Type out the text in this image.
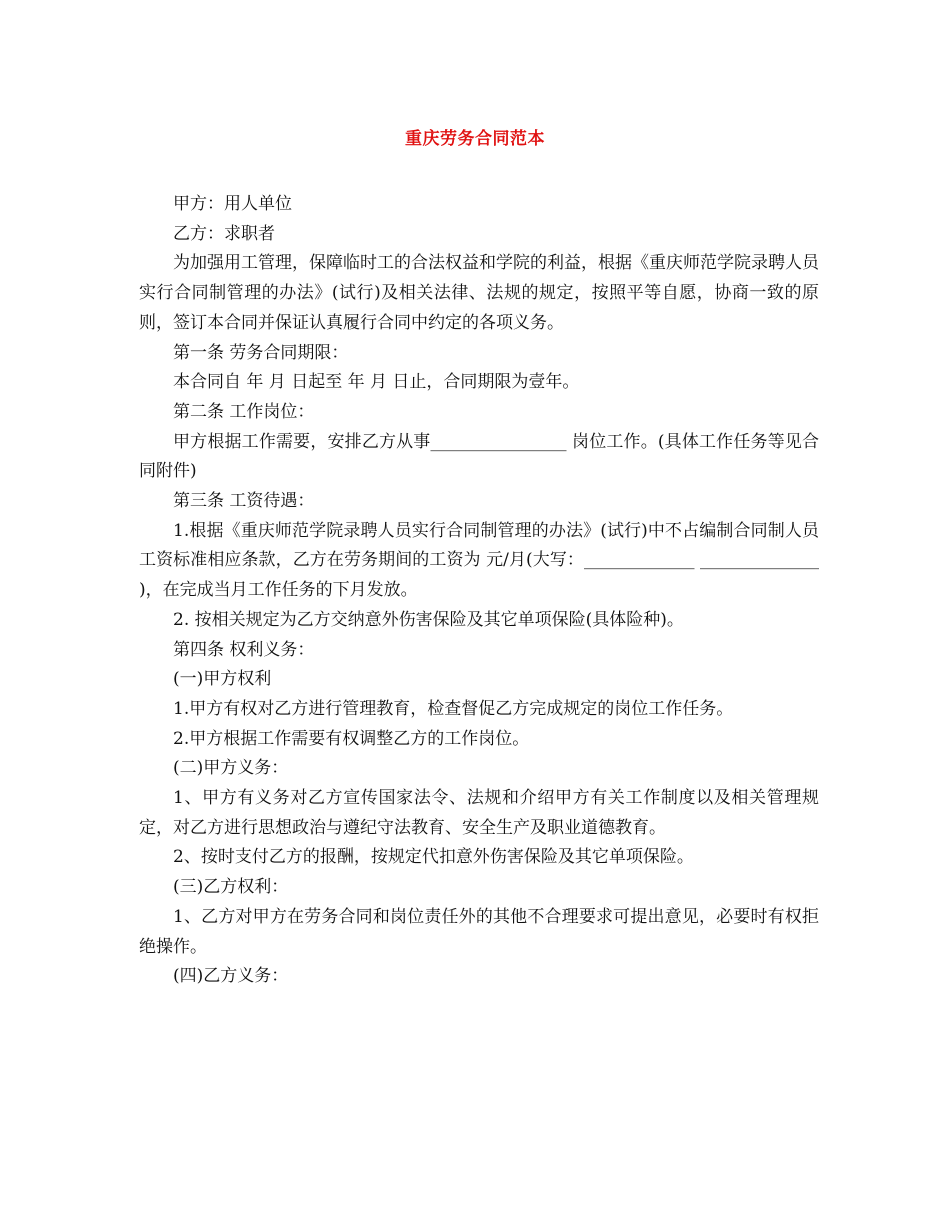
重庆劳务合同范本

甲方：用人单位

乙方：求职者

为加强用工管理，保障临时工的合法权益和学院的利益，根据《重庆师范学院录聘人员实行合同制管理的办法》(试行)及相关法律、法规的规定，按照平等自愿，协商一致的原则，签订本合同并保证认真履行合同中约定的各项义务。

第一条 劳务合同期限：

本合同自 年 月 日起至 年 月 日止，合同期限为壹年。

第二条 工作岗位：

甲方根据工作需要，安排乙方从事________________ 岗位工作。(具体工作任务等见合同附件)

第三条 工资待遇：

1.根据《重庆师范学院录聘人员实行合同制管理的办法》(试行)中不占编制合同制人员工资标准相应条款，乙方在劳务期间的工资为 元/月(大写：_____________ ______________ )，在完成当月工作任务的下月发放。

2. 按相关规定为乙方交纳意外伤害保险及其它单项保险(具体险种)。

第四条 权利义务：

(一)甲方权利

1.甲方有权对乙方进行管理教育，检查督促乙方完成规定的岗位工作任务。

2.甲方根据工作需要有权调整乙方的工作岗位。

(二)甲方义务：

1、甲方有义务对乙方宣传国家法令、法规和介绍甲方有关工作制度以及相关管理规定，对乙方进行思想政治与遵纪守法教育、安全生产及职业道德教育。

2、按时支付乙方的报酬，按规定代扣意外伤害保险及其它单项保险。

(三)乙方权利：

1、乙方对甲方在劳务合同和岗位责任外的其他不合理要求可提出意见，必要时有权拒绝操作。

(四)乙方义务：
